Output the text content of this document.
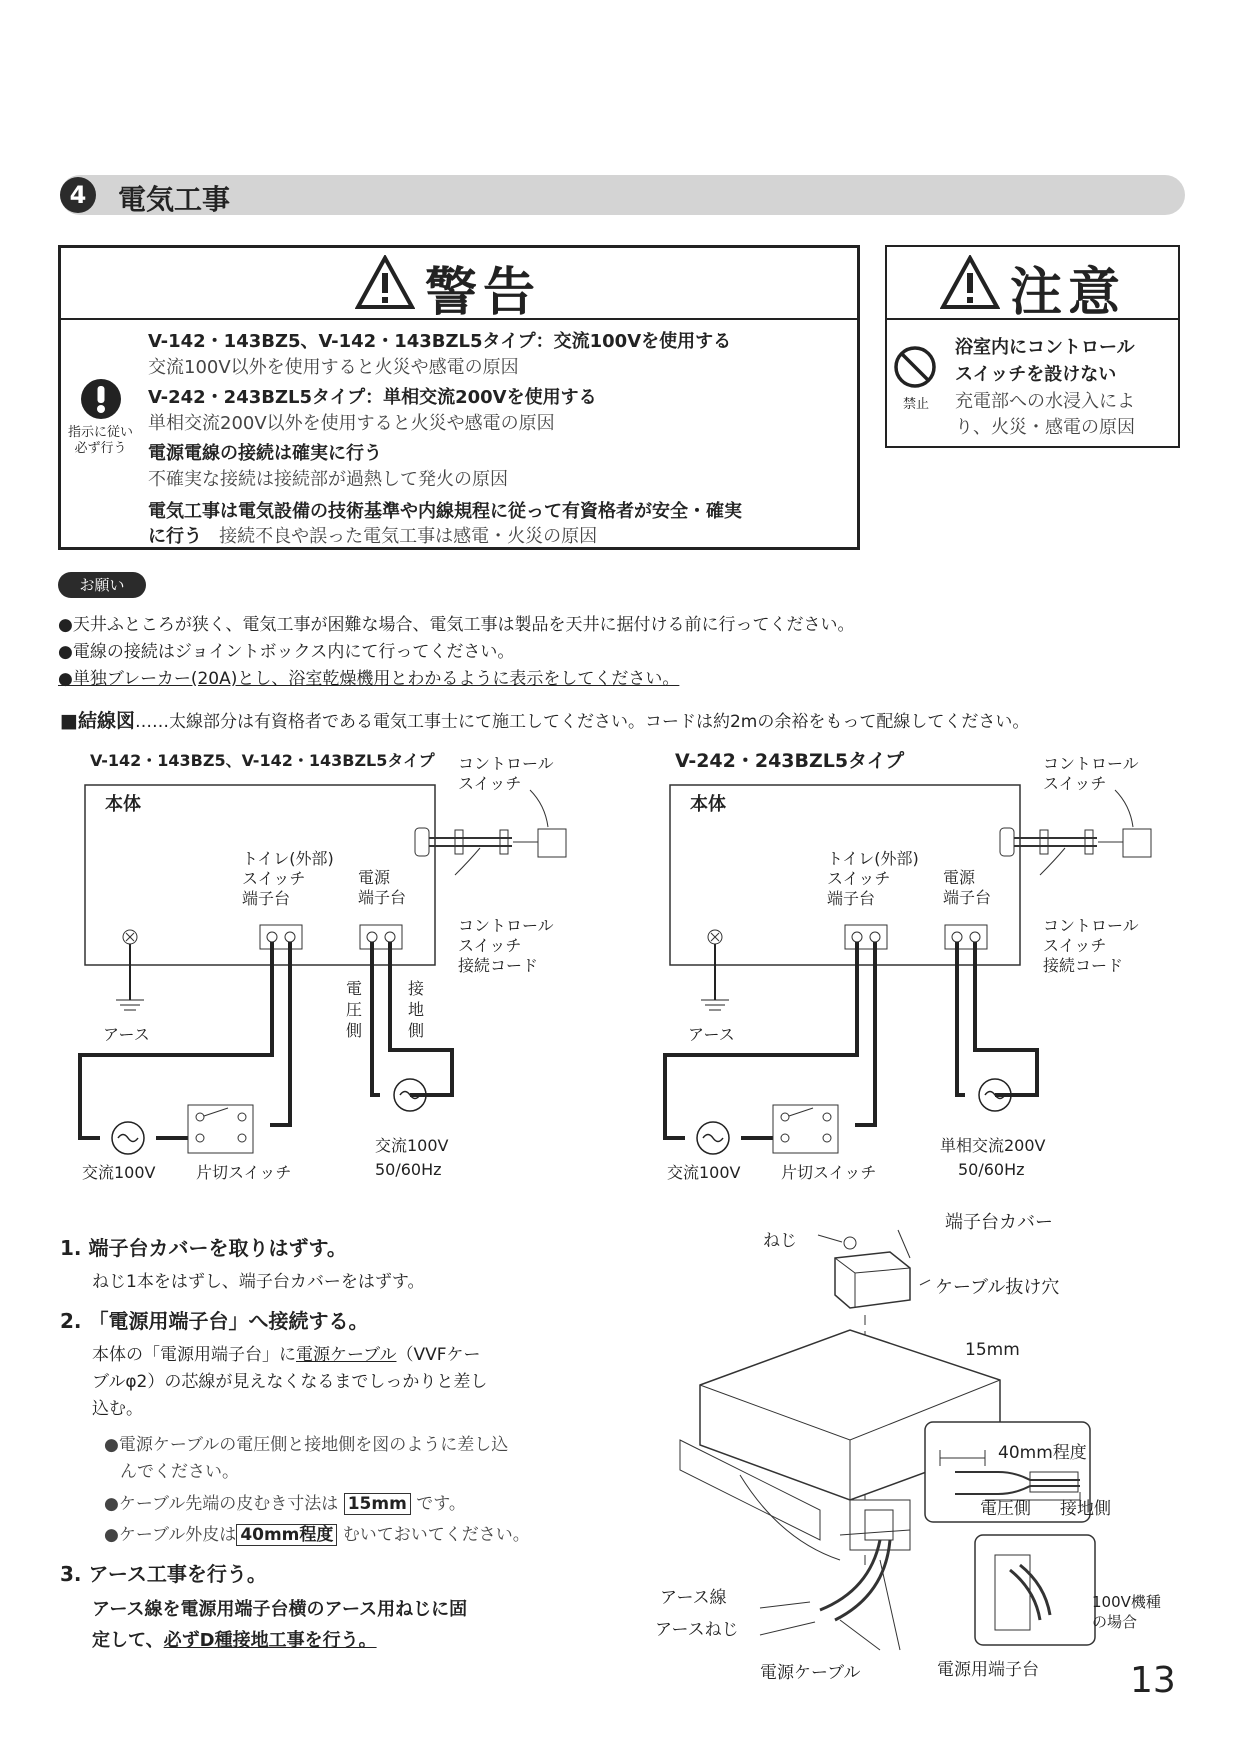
4	電気工事
警告
指示に従い
必ず行う
V-142・143BZ5、V-142・143BZL5タイプ：交流100Vを使用する
交流100V以外を使用すると火災や感電の原因
V-242・243BZL5タイプ：単相交流200Vを使用する
単相交流200V以外を使用すると火災や感電の原因
電源電線の接続は確実に行う
不確実な接続は接続部が過熱して発火の原因
電気工事は電気設備の技術基準や内線規程に従って有資格者が安全・確実
に行う 接続不良や誤った電気工事は感電・火災の原因
注意
禁止
浴室内にコントロール
スイッチを設けない
充電部への水浸入によ
り、火災・感電の原因
お願い
●天井ふところが狭く、電気工事が困難な場合、電気工事は製品を天井に据付ける前に行ってください。
●電線の接続はジョイントボックス内にて行ってください。
●単独ブレーカー(20A)とし、浴室乾燥機用とわかるように表示をしてください。
■結線図……太線部分は有資格者である電気工事士にて施工してください。コードは約2mの余裕をもって配線してください。
V-142・143BZ5、V-142・143BZL5タイプ
本体
コントロール
スイッチ
トイレ(外部)
スイッチ
端子台
電源
端子台
コントロール
スイッチ
接続コード
アース
電
圧
側
接
地
側
交流100V	片切スイッチ
交流100V
50/60Hz
V-242・243BZL5タイプ
本体
コントロール
スイッチ
トイレ(外部)
スイッチ
端子台
電源
端子台
コントロール
スイッチ
接続コード
アース
交流100V	片切スイッチ
単相交流200V
50/60Hz
1. 端子台カバーを取りはずす。
ねじ1本をはずし、端子台カバーをはずす。
2. 「電源用端子台」へ接続する。
本体の「電源用端子台」に電源ケーブル（VVFケー
ブルφ2）の芯線が見えなくなるまでしっかりと差し
込む。
●電源ケーブルの電圧側と接地側を図のように差し込
んでください。
●ケーブル先端の皮むき寸法は 15mm です。
●ケーブル外皮は 40mm程度 むいておいてください。
3. アース工事を行う。
アース線を電源用端子台横のアース用ねじに固
定して、必ずD種接地工事を行う。
ねじ
端子台カバー
ケーブル抜け穴
15mm
40mm程度
電圧側 接地側
100V機種
の場合
アース線
アースねじ
電源ケーブル	電源用端子台	13
